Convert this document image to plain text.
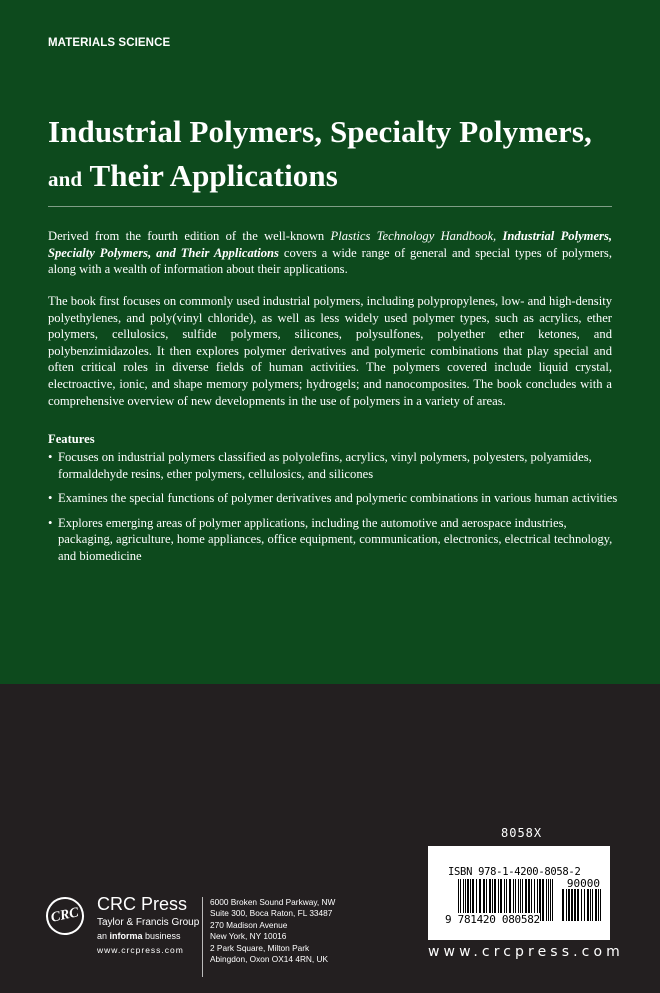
MATERIALS SCIENCE
Industrial Polymers, Specialty Polymers,
and Their Applications
Derived from the fourth edition of the well-known Plastics Technology Handbook, Industrial Polymers, Specialty Polymers, and Their Applications covers a wide range of general and special types of polymers, along with a wealth of information about their applications.
The book first focuses on commonly used industrial polymers, including polypropylenes, low- and high-density polyethylenes, and poly(vinyl chloride), as well as less widely used polymer types, such as acrylics, ether polymers, cellulosics, sulfide polymers, silicones, polysulfones, polyether ether ketones, and polybenzimidazoles. It then explores polymer derivatives and polymeric combinations that play special and often critical roles in diverse fields of human activities. The polymers covered include liquid crystal, electroactive, ionic, and shape memory polymers; hydrogels; and nanocomposites. The book concludes with a comprehensive overview of new developments in the use of polymers in a variety of areas.
Features
• Focuses on industrial polymers classified as polyolefins, acrylics, vinyl polymers, polyesters, polyamides, formaldehyde resins, ether polymers, cellulosics, and silicones
• Examines the special functions of polymer derivatives and polymeric combinations in various human activities
• Explores emerging areas of polymer applications, including the automotive and aerospace industries, packaging, agriculture, home appliances, office equipment, communication, electronics, electrical technology, and biomedicine
8058X
ISBN 978-1-4200-8058-2
90000
9 781420 080582
www.crcpress.com
CRC
CRC Press
Taylor & Francis Group
an informa business
www.crcpress.com
6000 Broken Sound Parkway, NW
Suite 300, Boca Raton, FL 33487
270 Madison Avenue
New York, NY 10016
2 Park Square, Milton Park
Abingdon, Oxon OX14 4RN, UK
